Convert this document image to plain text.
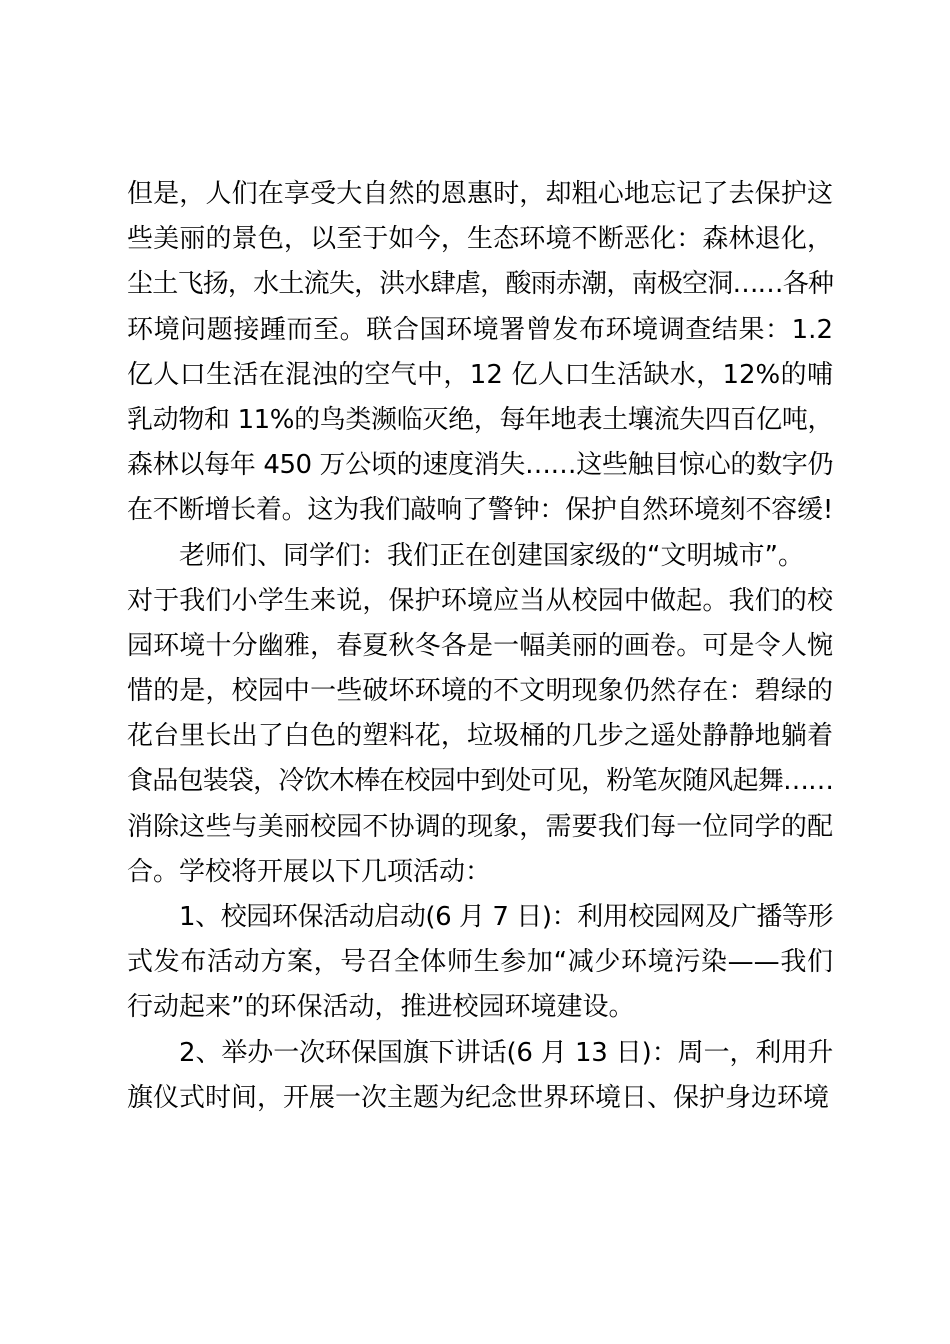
但是，人们在享受大自然的恩惠时，却粗心地忘记了去保护这
些美丽的景色，以至于如今，生态环境不断恶化：森林退化，
尘土飞扬，水土流失，洪水肆虐，酸雨赤潮，南极空洞……各种
环境问题接踵而至。联合国环境署曾发布环境调查结果：1.2
亿人口生活在混浊的空气中，12 亿人口生活缺水，12%的哺
乳动物和 11%的鸟类濒临灭绝，每年地表土壤流失四百亿吨，
森林以每年 450 万公顷的速度消失……这些触目惊心的数字仍
在不断增长着。这为我们敲响了警钟：保护自然环境刻不容缓!
老师们、同学们：我们正在创建国家级的“文明城市”。
对于我们小学生来说，保护环境应当从校园中做起。我们的校
园环境十分幽雅，春夏秋冬各是一幅美丽的画卷。可是令人惋
惜的是，校园中一些破坏环境的不文明现象仍然存在：碧绿的
花台里长出了白色的塑料花，垃圾桶的几步之遥处静静地躺着
食品包装袋，冷饮木棒在校园中到处可见，粉笔灰随风起舞……
消除这些与美丽校园不协调的现象，需要我们每一位同学的配
合。学校将开展以下几项活动：
1、校园环保活动启动(6 月 7 日)：利用校园网及广播等形
式发布活动方案，号召全体师生参加“减少环境污染——我们
行动起来”的环保活动，推进校园环境建设。
2、举办一次环保国旗下讲话(6 月 13 日)：周一，利用升
旗仪式时间，开展一次主题为纪念世界环境日、保护身边环境
